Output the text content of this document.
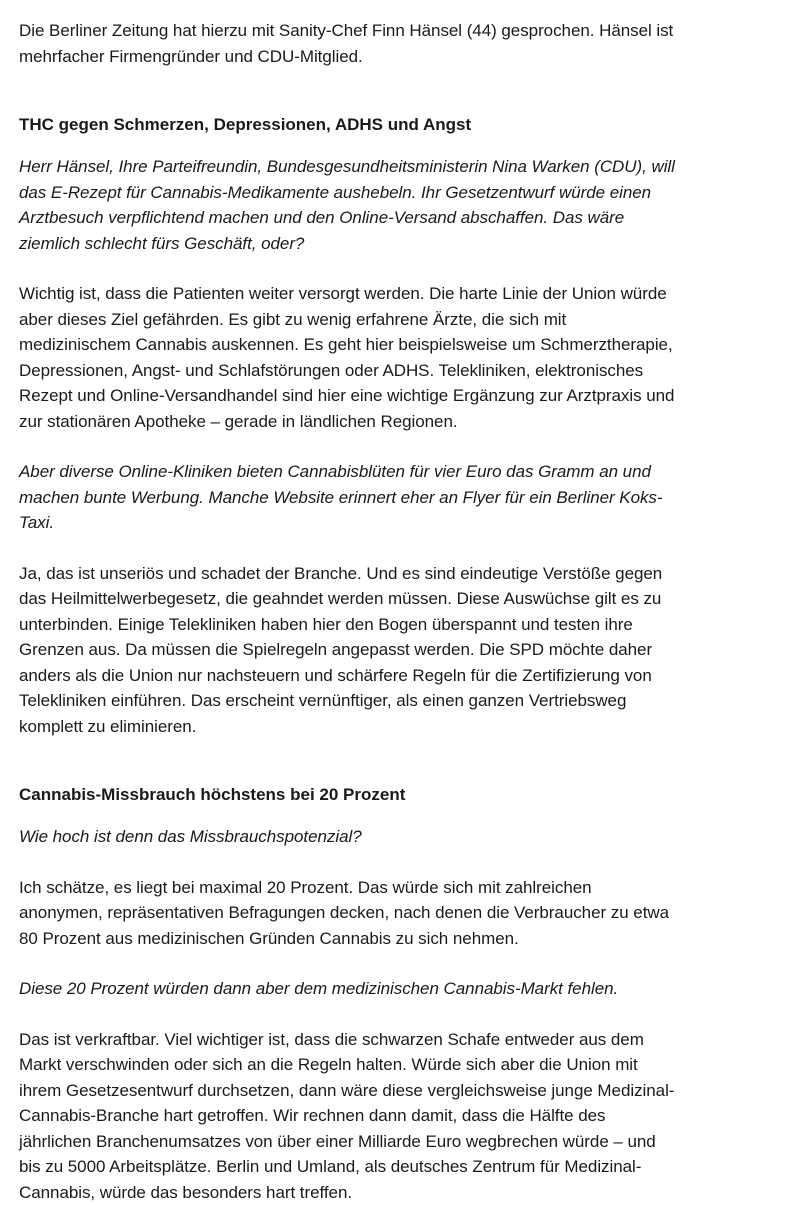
Die Berliner Zeitung hat hierzu mit Sanity-Chef Finn Hänsel (44) gesprochen. Hänsel ist mehrfacher Firmengründer und CDU-Mitglied.

THC gegen Schmerzen, Depressionen, ADHS und Angst

Herr Hänsel, Ihre Parteifreundin, Bundesgesundheitsministerin Nina Warken (CDU), will das E-Rezept für Cannabis-Medikamente aushebeln. Ihr Gesetzentwurf würde einen Arztbesuch verpflichtend machen und den Online-Versand abschaffen. Das wäre ziemlich schlecht fürs Geschäft, oder?

Wichtig ist, dass die Patienten weiter versorgt werden. Die harte Linie der Union würde aber dieses Ziel gefährden. Es gibt zu wenig erfahrene Ärzte, die sich mit medizinischem Cannabis auskennen. Es geht hier beispielsweise um Schmerztherapie, Depressionen, Angst- und Schlafstörungen oder ADHS. Telekliniken, elektronisches Rezept und Online-Versandhandel sind hier eine wichtige Ergänzung zur Arztpraxis und zur stationären Apotheke – gerade in ländlichen Regionen.

Aber diverse Online-Kliniken bieten Cannabisblüten für vier Euro das Gramm an und machen bunte Werbung. Manche Website erinnert eher an Flyer für ein Berliner Koks-Taxi.

Ja, das ist unseriös und schadet der Branche. Und es sind eindeutige Verstöße gegen das Heilmittelwerbegesetz, die geahndet werden müssen. Diese Auswüchse gilt es zu unterbinden. Einige Telekliniken haben hier den Bogen überspannt und testen ihre Grenzen aus. Da müssen die Spielregeln angepasst werden. Die SPD möchte daher anders als die Union nur nachsteuern und schärfere Regeln für die Zertifizierung von Telekliniken einführen. Das erscheint vernünftiger, als einen ganzen Vertriebsweg komplett zu eliminieren.

Cannabis-Missbrauch höchstens bei 20 Prozent

Wie hoch ist denn das Missbrauchspotenzial?

Ich schätze, es liegt bei maximal 20 Prozent. Das würde sich mit zahlreichen anonymen, repräsentativen Befragungen decken, nach denen die Verbraucher zu etwa 80 Prozent aus medizinischen Gründen Cannabis zu sich nehmen.

Diese 20 Prozent würden dann aber dem medizinischen Cannabis-Markt fehlen.

Das ist verkraftbar. Viel wichtiger ist, dass die schwarzen Schafe entweder aus dem Markt verschwinden oder sich an die Regeln halten. Würde sich aber die Union mit ihrem Gesetzesentwurf durchsetzen, dann wäre diese vergleichsweise junge Medizinal-Cannabis-Branche hart getroffen. Wir rechnen dann damit, dass die Hälfte des jährlichen Branchenumsatzes von über einer Milliarde Euro wegbrechen würde – und bis zu 5000 Arbeitsplätze. Berlin und Umland, als deutsches Zentrum für Medizinal-Cannabis, würde das besonders hart treffen.
